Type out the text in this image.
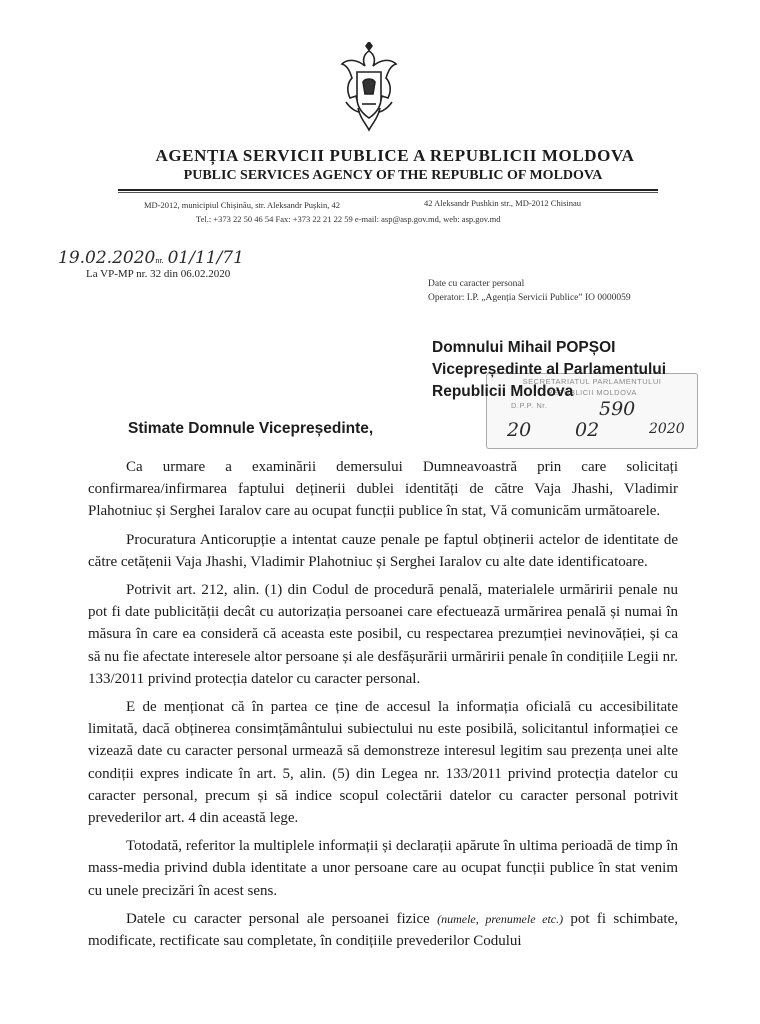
AGENȚIA SERVICII PUBLICE A REPUBLICII MOLDOVA
PUBLIC SERVICES AGENCY OF THE REPUBLIC OF MOLDOVA
MD-2012, municipiul Chișinău, str. Aleksandr Pușkin, 42	42 Aleksandr Pushkin str., MD-2012 Chisinau
Tel.: +373 22 50 46 54 Fax: +373 22 21 22 59 e-mail: asp@asp.gov.md, web: asp.gov.md
19.02.2020nr. 01/11/71
La VP-MP nr. 32 din 06.02.2020
Date cu caracter personal
Operator: I.P. „Agenția Servicii Publice” IO 0000059
SECRETARIATUL PARLAMENTULUI
REPUBLICII MOLDOVA
D.P.P. Nr.	590
20 02	2020
Domnului Mihail POPȘOI
Vicepreședinte al Parlamentului
Republicii Moldova
Stimate Domnule Vicepreședinte,

Ca urmare a examinării demersului Dumneavoastră prin care solicitați confirmarea/infirmarea faptului deținerii dublei identități de către Vaja Jhashi, Vladimir Plahotniuc și Serghei Iaralov care au ocupat funcții publice în stat, Vă comunicăm următoarele.

Procuratura Anticorupție a intentat cauze penale pe faptul obținerii actelor de identitate de către cetățenii Vaja Jhashi, Vladimir Plahotniuc și Serghei Iaralov cu alte date identificatoare.

Potrivit art. 212, alin. (1) din Codul de procedură penală, materialele urmăririi penale nu pot fi date publicității decât cu autorizația persoanei care efectuează urmărirea penală și numai în măsura în care ea consideră că aceasta este posibil, cu respectarea prezumției nevinovăției, și ca să nu fie afectate interesele altor persoane și ale desfășurării urmăririi penale în condițiile Legii nr. 133/2011 privind protecția datelor cu caracter personal.

E de menționat că în partea ce ține de accesul la informația oficială cu accesibilitate limitată, dacă obținerea consimțământului subiectului nu este posibilă, solicitantul informației ce vizează date cu caracter personal urmează să demonstreze interesul legitim sau prezența unei alte condiții expres indicate în art. 5, alin. (5) din Legea nr. 133/2011 privind protecția datelor cu caracter personal, precum și să indice scopul colectării datelor cu caracter personal potrivit prevederilor art. 4 din această lege.

Totodată, referitor la multiplele informații și declarații apărute în ultima perioadă de timp în mass-media privind dubla identitate a unor persoane care au ocupat funcții publice în stat venim cu unele precizări în acest sens.

Datele cu caracter personal ale persoanei fizice (numele, prenumele etc.) pot fi schimbate, modificate, rectificate sau completate, în condițiile prevederilor Codului
